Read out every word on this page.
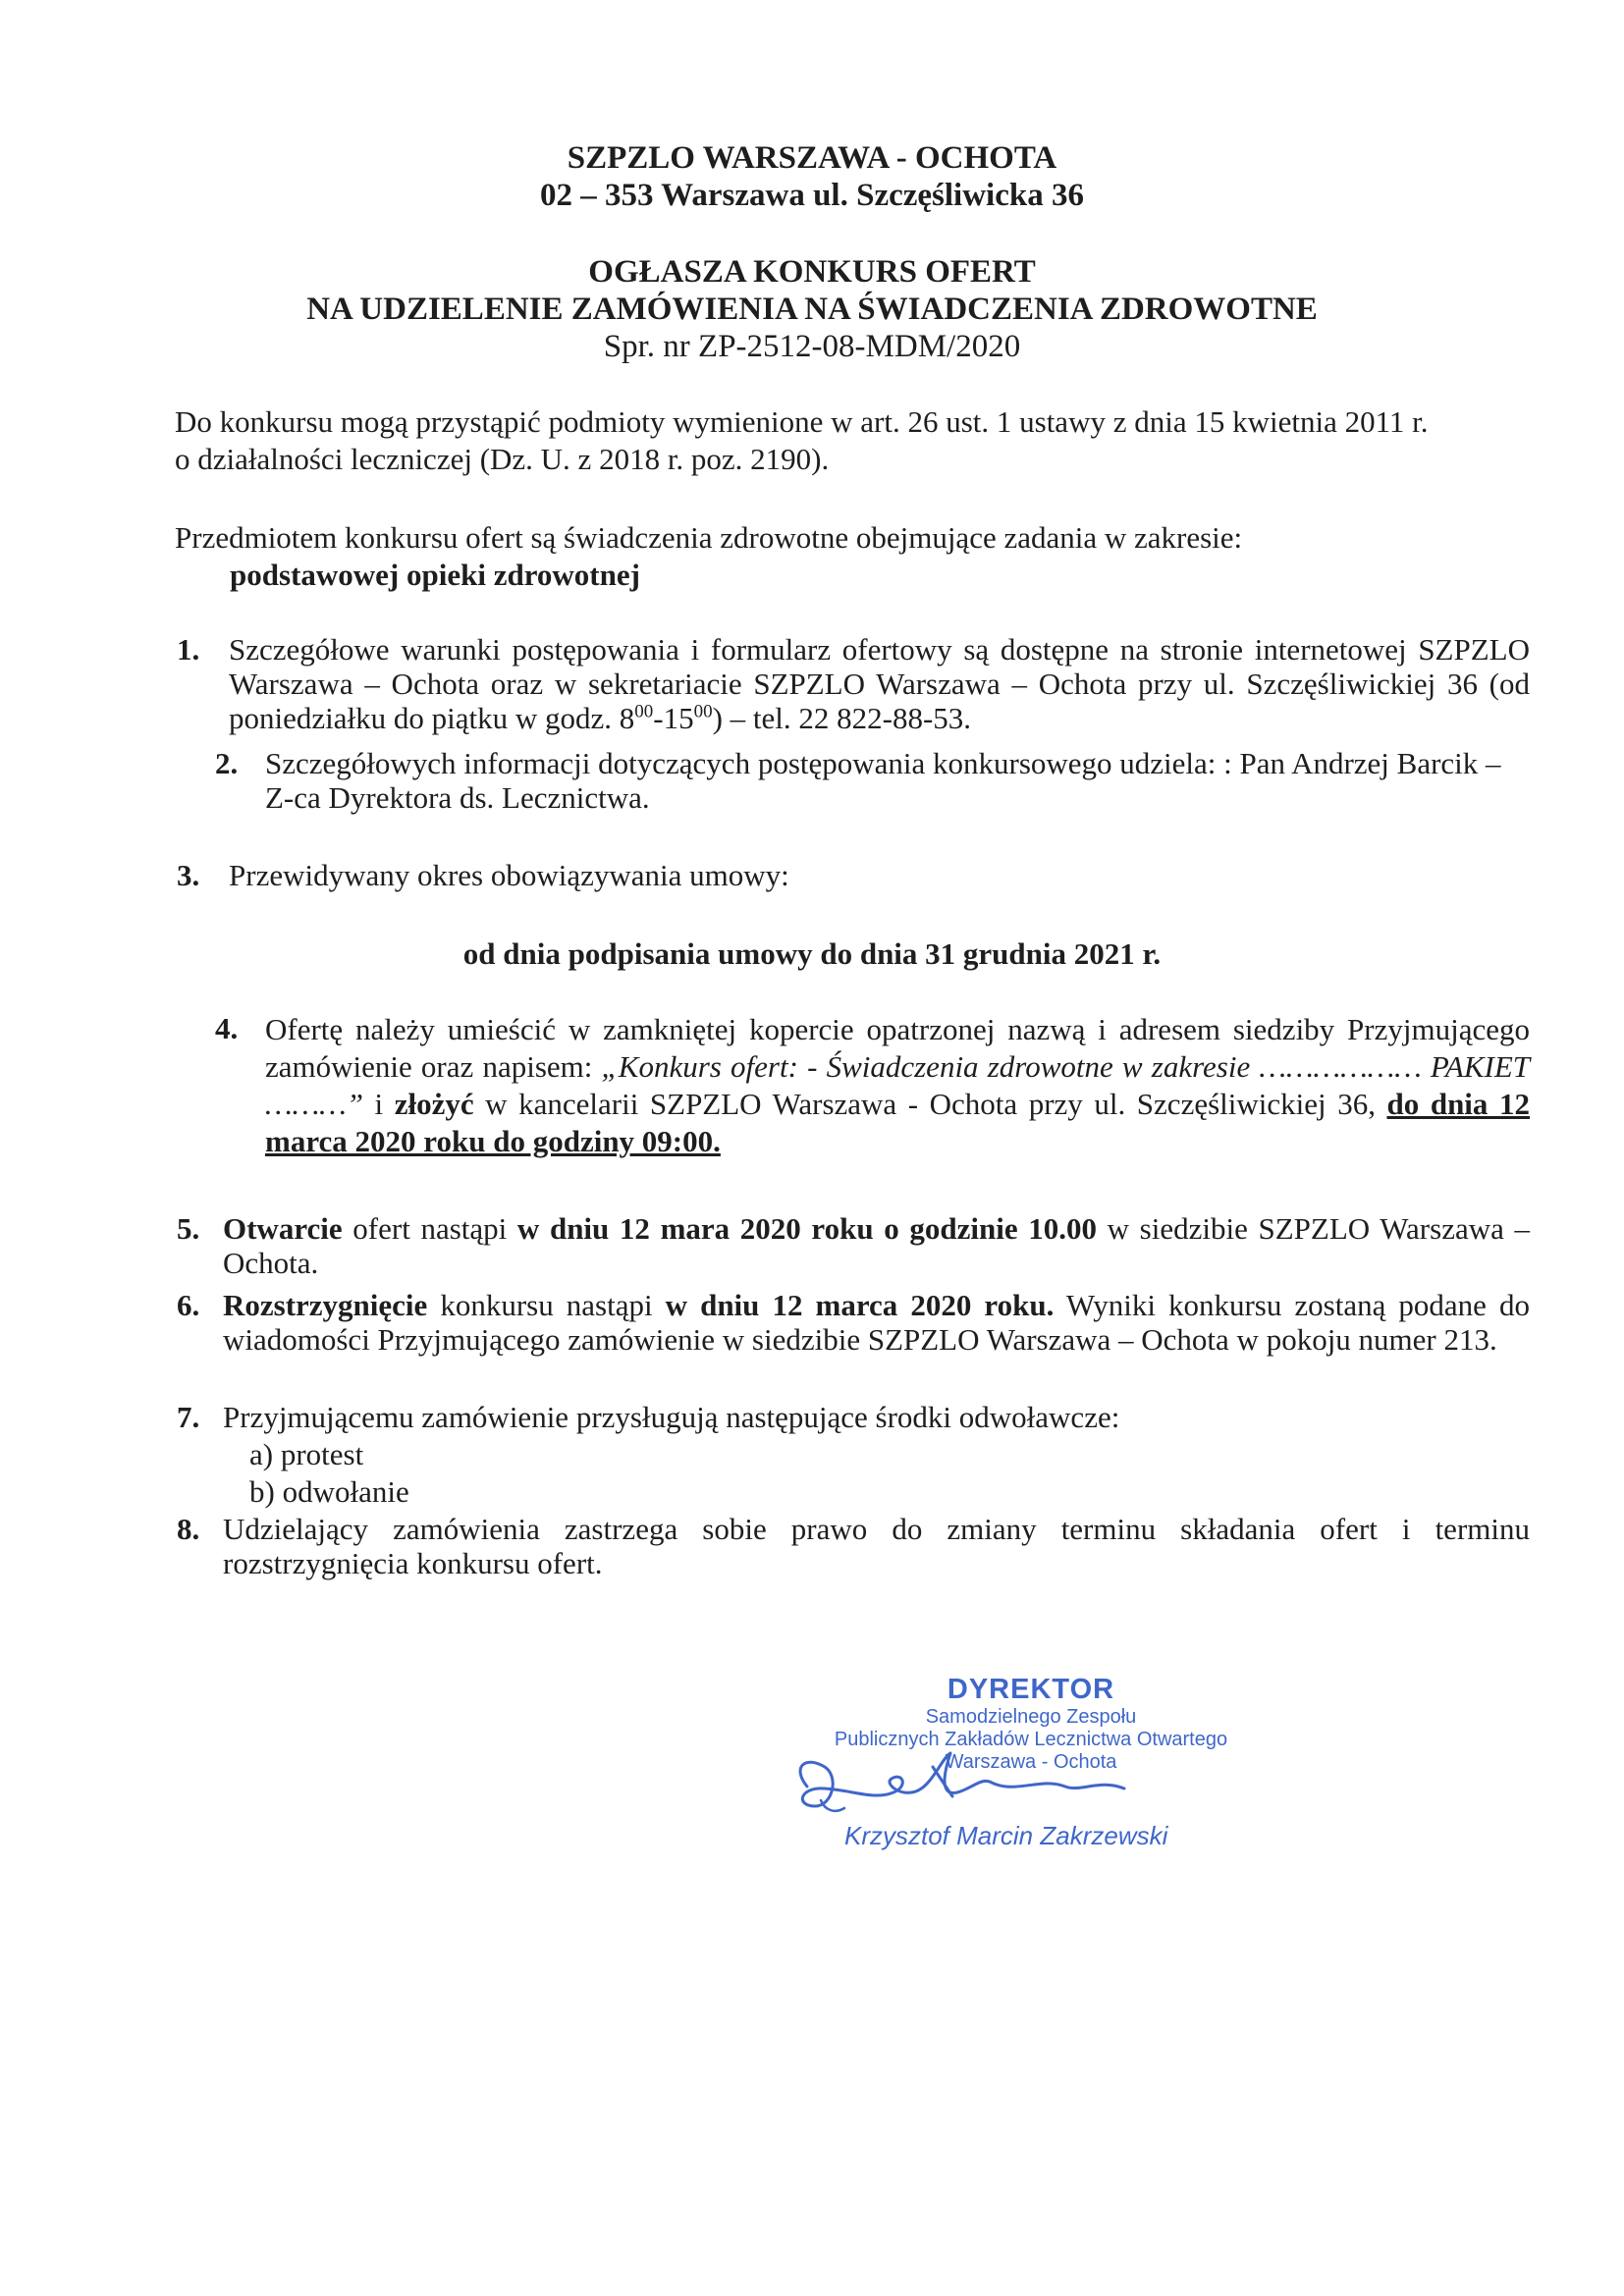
SZPZLO WARSZAWA - OCHOTA
02 – 353 Warszawa ul. Szczęśliwicka 36
OGŁASZA KONKURS OFERT
NA UDZIELENIE ZAMÓWIENIA NA ŚWIADCZENIA ZDROWOTNE
Spr. nr ZP-2512-08-MDM/2020
Do konkursu mogą przystąpić podmioty wymienione w art. 26 ust. 1 ustawy z dnia 15 kwietnia 2011 r.
o działalności leczniczej (Dz. U. z 2018 r. poz. 2190).
Przedmiotem konkursu ofert są świadczenia zdrowotne obejmujące zadania w zakresie:
podstawowej opieki zdrowotnej
1. Szczegółowe warunki postępowania i formularz ofertowy są dostępne na stronie internetowej SZPZLO Warszawa – Ochota oraz w sekretariacie SZPZLO Warszawa – Ochota przy ul. Szczęśliwickiej 36 (od poniedziałku do piątku w godz. $8^{00}-15^{00}$) – tel. 22 822-88-53.
2. Szczegółowych informacji dotyczących postępowania konkursowego udziela: : Pan Andrzej Barcik – Z-ca Dyrektora ds. Lecznictwa.
3. Przewidywany okres obowiązywania umowy:
od dnia podpisania umowy do dnia 31 grudnia 2021 r.
4. Ofertę należy umieścić w zamkniętej kopercie opatrzonej nazwą i adresem siedziby Przyjmującego zamówienie oraz napisem: „Konkurs ofert: - Świadczenia zdrowotne w zakresie ……………… PAKIET ………” i złożyć w kancelarii SZPZLO Warszawa - Ochota przy ul. Szczęśliwickiej 36, do dnia 12 marca 2020 roku do godziny 09:00.
5. Otwarcie ofert nastąpi w dniu 12 mara 2020 roku o godzinie 10.00 w siedzibie SZPZLO Warszawa – Ochota.
6. Rozstrzygnięcie konkursu nastąpi w dniu 12 marca 2020 roku. Wyniki konkursu zostaną podane do wiadomości Przyjmującego zamówienie w siedzibie SZPZLO Warszawa – Ochota w pokoju numer 213.
7. Przyjmującemu zamówienie przysługują następujące środki odwoławcze:
a) protest
b) odwołanie
8. Udzielający zamówienia zastrzega sobie prawo do zmiany terminu składania ofert i terminu rozstrzygnięcia konkursu ofert.
DYREKTOR
Samodzielnego Zespołu
Publicznych Zakładów Lecznictwa Otwartego
Warszawa - Ochota
Krzysztof Marcin Zakrzewski
